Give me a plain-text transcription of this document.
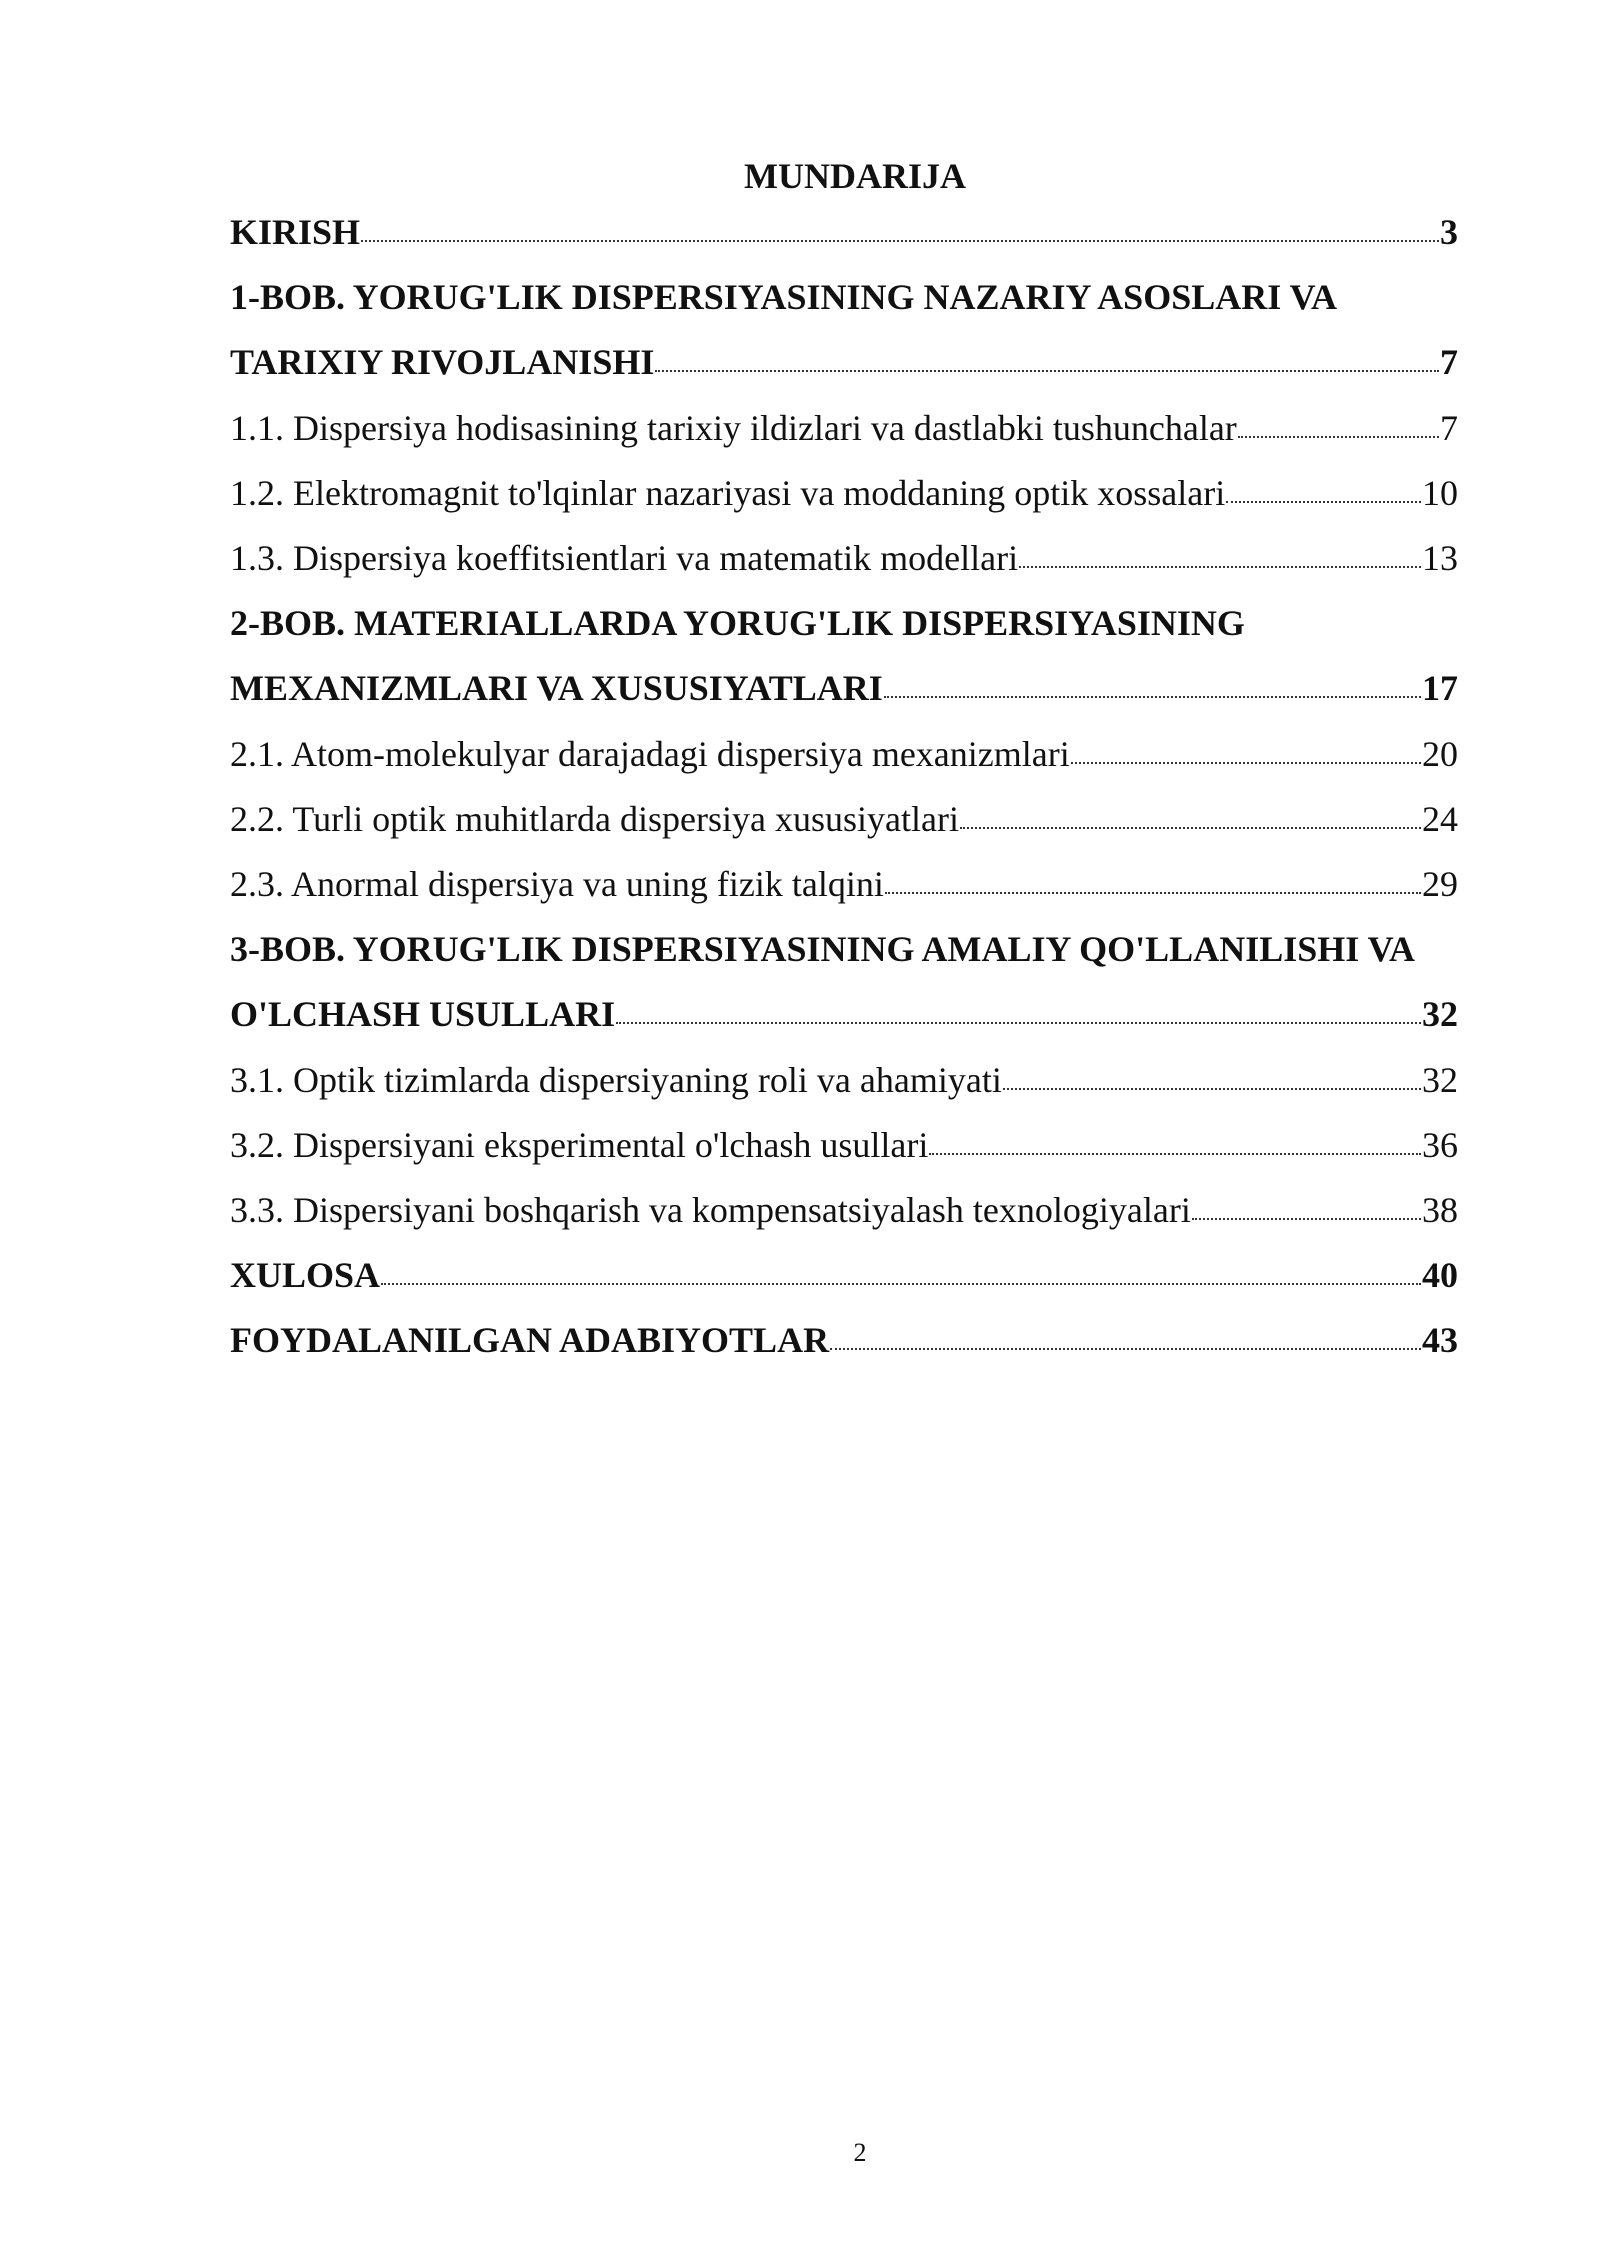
MUNDARIJA
KIRISH	3
1-BOB. YORUG'LIK DISPERSIYASINING NAZARIY ASOSLARI VA
TARIXIY RIVOJLANISHI	7
1.1. Dispersiya hodisasining tarixiy ildizlari va dastlabki tushunchalar	7
1.2. Elektromagnit to'lqinlar nazariyasi va moddaning optik xossalari	10
1.3. Dispersiya koeffitsientlari va matematik modellari	13
2-BOB. MATERIALLARDA YORUG'LIK DISPERSIYASINING
MEXANIZMLARI VA XUSUSIYATLARI	17
2.1. Atom-molekulyar darajadagi dispersiya mexanizmlari	20
2.2. Turli optik muhitlarda dispersiya xususiyatlari	24
2.3. Anormal dispersiya va uning fizik talqini	29
3-BOB. YORUG'LIK DISPERSIYASINING AMALIY QO'LLANILISHI VA
O'LCHASH USULLARI	32
3.1. Optik tizimlarda dispersiyaning roli va ahamiyati	32
3.2. Dispersiyani eksperimental o'lchash usullari	36
3.3. Dispersiyani boshqarish va kompensatsiyalash texnologiyalari	38
XULOSA	40
FOYDALANILGAN ADABIYOTLAR	43
2
